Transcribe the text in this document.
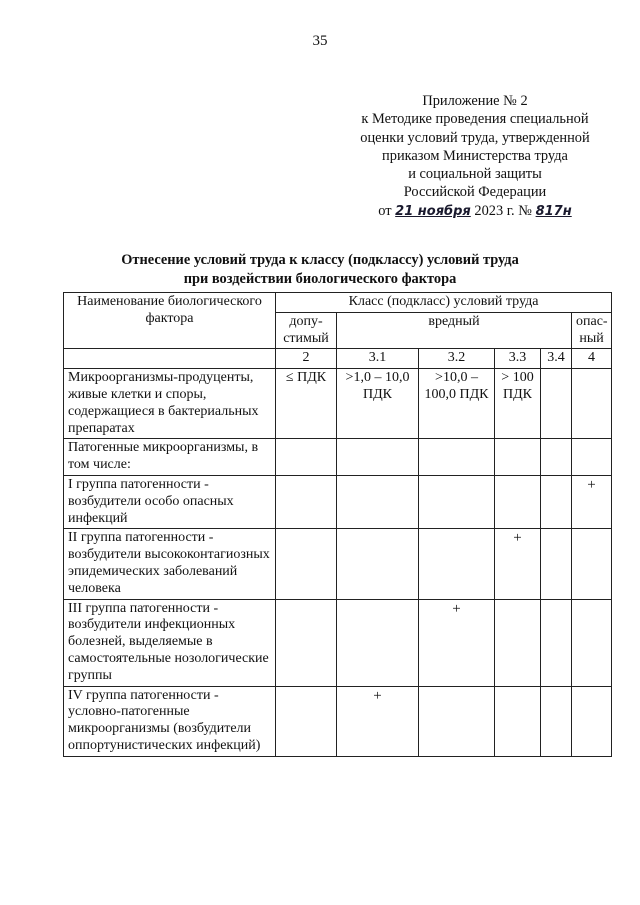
35
Приложение № 2
к Методике проведения специальной
оценки условий труда, утвержденной
приказом Министерства труда
и социальной защиты
Российской Федерации
от 21 ноября 2023 г. № 817н
Отнесение условий труда к классу (подклассу) условий труда
при воздействии биологического фактора
Наименование биологического фактора	Класс (подкласс) условий труда					
	допу-стимый	вредный				опас-ный
	2	3.1	3.2	3.3	3.4	4
Микроорганизмы-продуценты, живые клетки и споры, содержащиеся в бактериальных препаратах	≤ ПДК	>1,0 – 10,0 ПДК	>10,0 – 100,0 ПДК	> 100 ПДК		
Патогенные микроорганизмы, в том числе:						
I группа патогенности - возбудители особо опасных инфекций						+
II группа патогенности - возбудители высококонтагиозных эпидемических заболеваний человека				+		
III группа патогенности - возбудители инфекционных болезней, выделяемые в самостоятельные нозологические группы			+			
IV группа патогенности - условно-патогенные микроорганизмы (возбудители оппортунистических инфекций)		+				
